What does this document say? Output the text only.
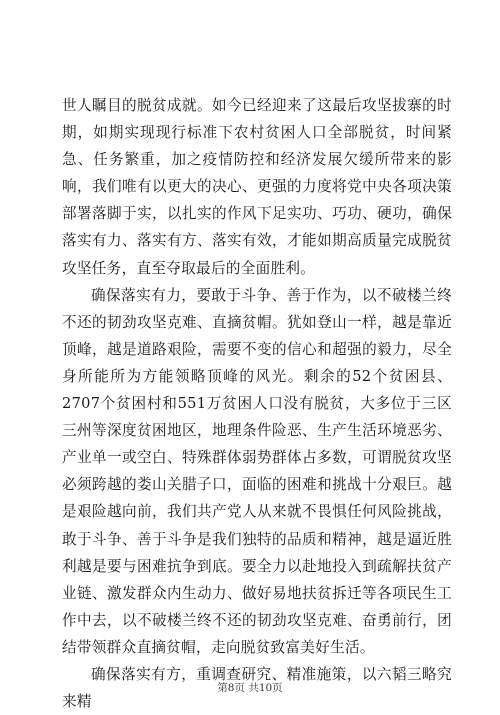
世人瞩目的脱贫成就。如今已经迎来了这最后攻坚拔寨的时期，如期实现现行标准下农村贫困人口全部脱贫，时间紧急、任务繁重，加之疫情防控和经济发展欠缓所带来的影响，我们唯有以更大的决心、更强的力度将党中央各项决策部署落脚于实，以扎实的作风下足实功、巧功、硬功，确保落实有力、落实有方、落实有效，才能如期高质量完成脱贫攻坚任务，直至夺取最后的全面胜利。

确保落实有力，要敢于斗争、善于作为，以不破楼兰终不还的韧劲攻坚克难、直摘贫帽。犹如登山一样，越是靠近顶峰，越是道路艰险，需要不变的信心和超强的毅力，尽全身所能所为方能领略顶峰的风光。剩余的52个贫困县、2707个贫困村和551万贫困人口没有脱贫，大多位于三区三州等深度贫困地区，地理条件险恶、生产生活环境恶劣、产业单一或空白、特殊群体弱势群体占多数，可谓脱贫攻坚必须跨越的娄山关腊子口，面临的困难和挑战十分艰巨。越是艰险越向前，我们共产党人从来就不畏惧任何风险挑战，敢于斗争、善于斗争是我们独特的品质和精神，越是逼近胜利越是要与困难抗争到底。要全力以赴地投入到疏解扶贫产业链、激发群众内生动力、做好易地扶贫拆迁等各项民生工作中去，以不破楼兰终不还的韧劲攻坚克难、奋勇前行，团结带领群众直摘贫帽，走向脱贫致富美好生活。

确保落实有方，重调查研究、精准施策，以六韬三略究来精

第8页 共10页
